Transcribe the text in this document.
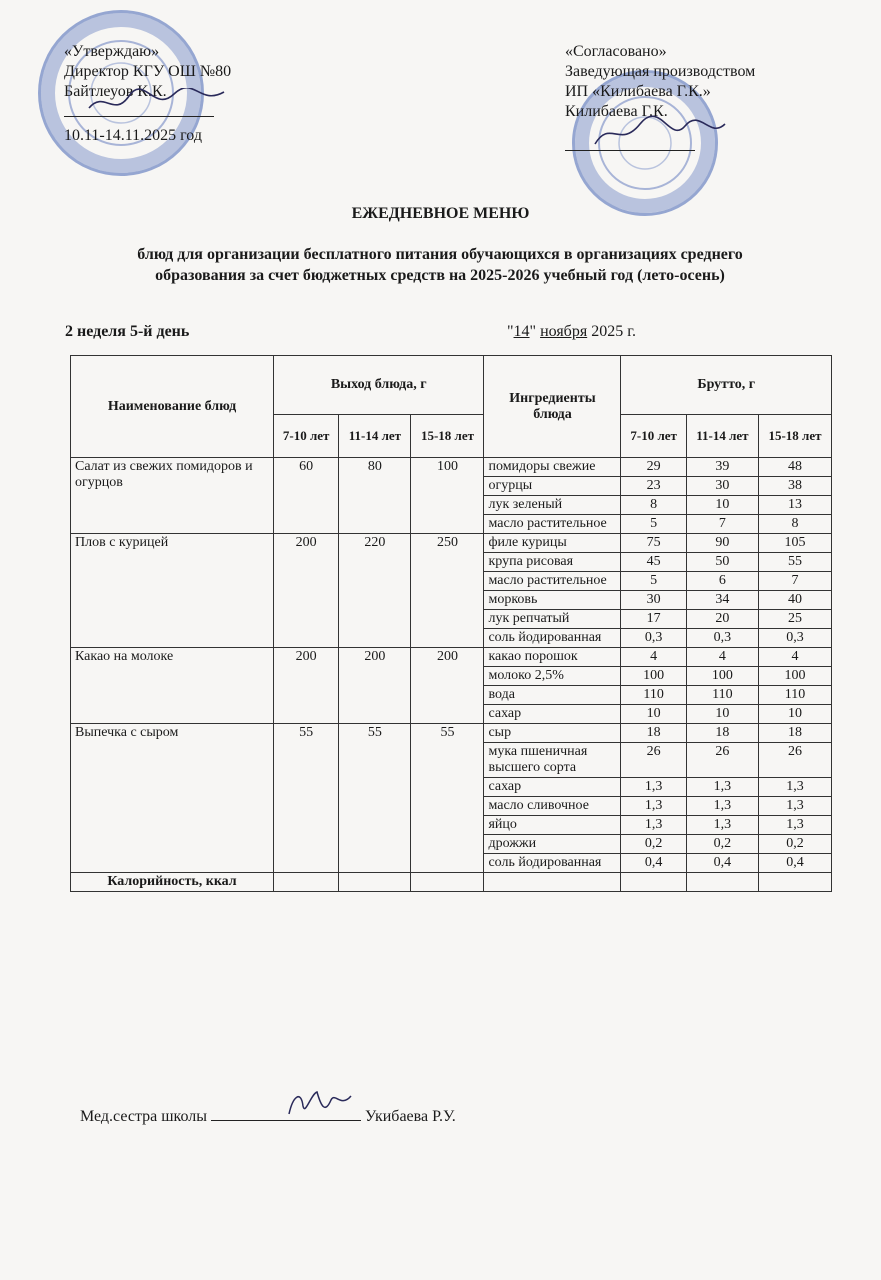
«Утверждаю»
Директор КГУ ОШ №80
Байтлеуов К.К.
10.11-14.11.2025 год
«Согласовано»
Заведующая производством
ИП «Килибаева Г.К.»
Килибаева Г.К.
ЕЖЕДНЕВНОЕ МЕНЮ
блюд для организации бесплатного питания обучающихся в организациях среднего образования за счет бюджетных средств на 2025-2026 учебный год (лето-осень)
2 неделя 5-й день	"14" ноября 2025 г.
Наименование блюд	Выход блюда, г			Ингредиенты блюда	Брутто, г		
	7-10 лет	11-14 лет	15-18 лет		7-10 лет	11-14 лет	15-18 лет
Салат из свежих помидоров и огурцов	60	80	100	помидоры свежие	29	39	48
				огурцы	23	30	38
				лук зеленый	8	10	13
				масло растительное	5	7	8
Плов с курицей	200	220	250	филе курицы	75	90	105
				крупа рисовая	45	50	55
				масло растительное	5	6	7
				морковь	30	34	40
				лук репчатый	17	20	25
				соль йодированная	0,3	0,3	0,3
Какао на молоке	200	200	200	какао порошок	4	4	4
				молоко 2,5%	100	100	100
				вода	110	110	110
				сахар	10	10	10
Выпечка с сыром	55	55	55	сыр	18	18	18
				мука пшеничная высшего сорта	26	26	26
				сахар	1,3	1,3	1,3
				масло сливочное	1,3	1,3	1,3
				яйцо	1,3	1,3	1,3
				дрожжи	0,2	0,2	0,2
				соль йодированная	0,4	0,4	0,4
Калорийность, ккал							
Мед.сестра школы	Укибаева Р.У.
